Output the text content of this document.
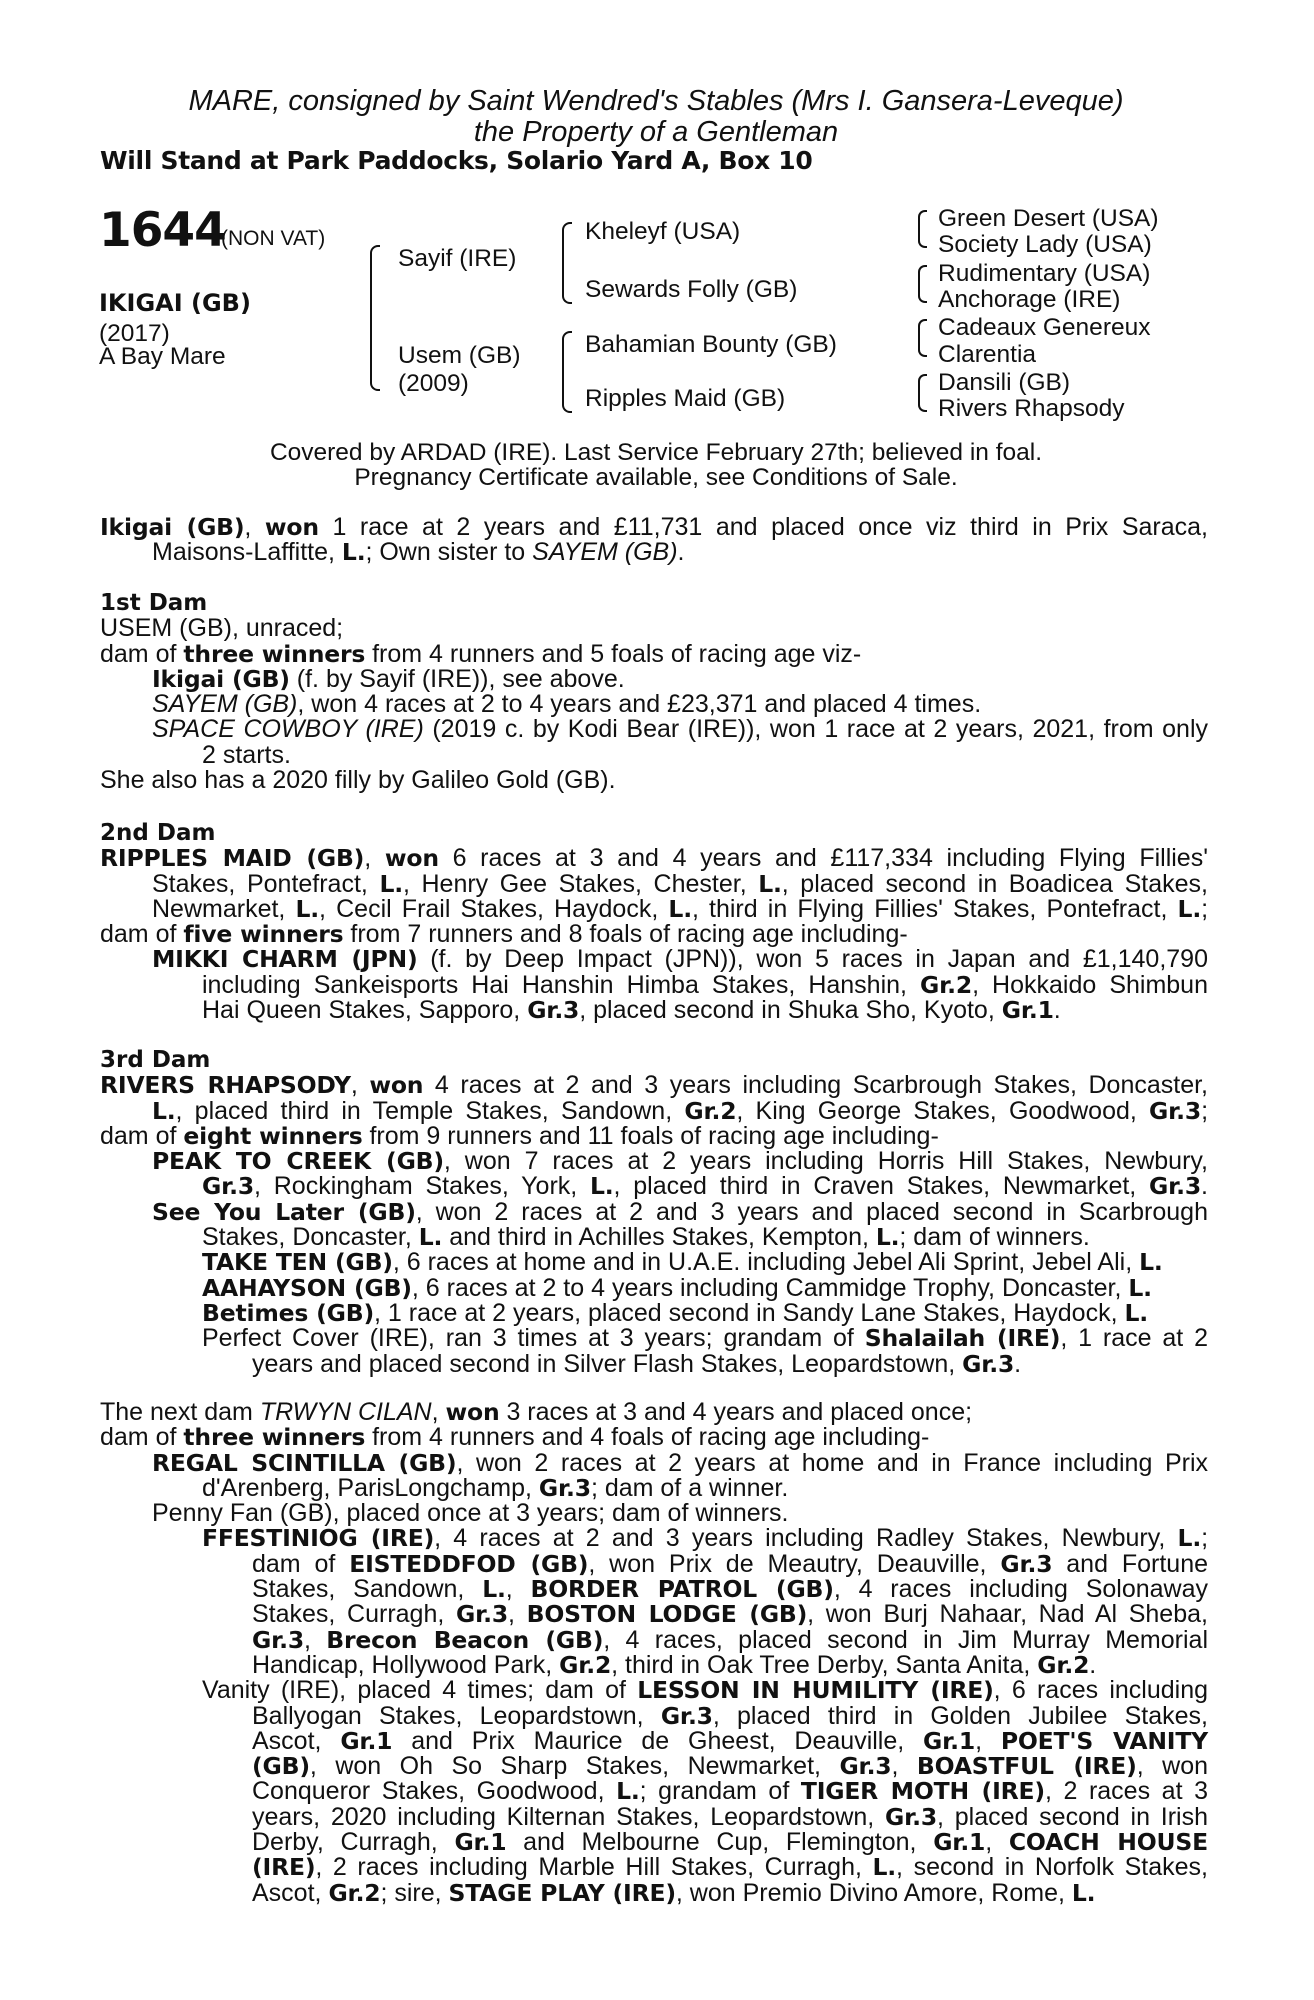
MARE, consigned by Saint Wendred's Stables (Mrs I. Gansera-Leveque)
the Property of a Gentleman
Will Stand at Park Paddocks, Solario Yard A, Box 10
1644
(NON VAT)
IKIGAI (GB)
(2017)
A Bay Mare
Sayif (IRE)
Usem (GB)
(2009)
Kheleyf (USA)
Sewards Folly (GB)
Bahamian Bounty (GB)
Ripples Maid (GB)
Green Desert (USA)
Society Lady (USA)
Rudimentary (USA)
Anchorage (IRE)
Cadeaux Genereux
Clarentia
Dansili (GB)
Rivers Rhapsody
Covered by ARDAD (IRE). Last Service February 27th; believed in foal.
Pregnancy Certificate available, see Conditions of Sale.
Ikigai (GB), won 1 race at 2 years and £11,731 and placed once viz third in Prix Saraca,
Maisons-Laffitte, L.; Own sister to SAYEM (GB).
1st Dam
USEM (GB), unraced;
dam of three winners from 4 runners and 5 foals of racing age viz-
Ikigai (GB) (f. by Sayif (IRE)), see above.
SAYEM (GB), won 4 races at 2 to 4 years and £23,371 and placed 4 times.
SPACE COWBOY (IRE) (2019 c. by Kodi Bear (IRE)), won 1 race at 2 years, 2021, from only
2 starts.
She also has a 2020 filly by Galileo Gold (GB).
2nd Dam
RIPPLES MAID (GB), won 6 races at 3 and 4 years and £117,334 including Flying Fillies'
Stakes, Pontefract, L., Henry Gee Stakes, Chester, L., placed second in Boadicea Stakes,
Newmarket, L., Cecil Frail Stakes, Haydock, L., third in Flying Fillies' Stakes, Pontefract, L.;
dam of five winners from 7 runners and 8 foals of racing age including-
MIKKI CHARM (JPN) (f. by Deep Impact (JPN)), won 5 races in Japan and £1,140,790
including Sankeisports Hai Hanshin Himba Stakes, Hanshin, Gr.2, Hokkaido Shimbun
Hai Queen Stakes, Sapporo, Gr.3, placed second in Shuka Sho, Kyoto, Gr.1.
3rd Dam
RIVERS RHAPSODY, won 4 races at 2 and 3 years including Scarbrough Stakes, Doncaster,
L., placed third in Temple Stakes, Sandown, Gr.2, King George Stakes, Goodwood, Gr.3;
dam of eight winners from 9 runners and 11 foals of racing age including-
PEAK TO CREEK (GB), won 7 races at 2 years including Horris Hill Stakes, Newbury,
Gr.3, Rockingham Stakes, York, L., placed third in Craven Stakes, Newmarket, Gr.3.
See You Later (GB), won 2 races at 2 and 3 years and placed second in Scarbrough
Stakes, Doncaster, L. and third in Achilles Stakes, Kempton, L.; dam of winners.
TAKE TEN (GB), 6 races at home and in U.A.E. including Jebel Ali Sprint, Jebel Ali, L.
AAHAYSON (GB), 6 races at 2 to 4 years including Cammidge Trophy, Doncaster, L.
Betimes (GB), 1 race at 2 years, placed second in Sandy Lane Stakes, Haydock, L.
Perfect Cover (IRE), ran 3 times at 3 years; grandam of Shalailah (IRE), 1 race at 2
years and placed second in Silver Flash Stakes, Leopardstown, Gr.3.
The next dam TRWYN CILAN, won 3 races at 3 and 4 years and placed once;
dam of three winners from 4 runners and 4 foals of racing age including-
REGAL SCINTILLA (GB), won 2 races at 2 years at home and in France including Prix
d'Arenberg, ParisLongchamp, Gr.3; dam of a winner.
Penny Fan (GB), placed once at 3 years; dam of winners.
FFESTINIOG (IRE), 4 races at 2 and 3 years including Radley Stakes, Newbury, L.;
dam of EISTEDDFOD (GB), won Prix de Meautry, Deauville, Gr.3 and Fortune
Stakes, Sandown, L., BORDER PATROL (GB), 4 races including Solonaway
Stakes, Curragh, Gr.3, BOSTON LODGE (GB), won Burj Nahaar, Nad Al Sheba,
Gr.3, Brecon Beacon (GB), 4 races, placed second in Jim Murray Memorial
Handicap, Hollywood Park, Gr.2, third in Oak Tree Derby, Santa Anita, Gr.2.
Vanity (IRE), placed 4 times; dam of LESSON IN HUMILITY (IRE), 6 races including
Ballyogan Stakes, Leopardstown, Gr.3, placed third in Golden Jubilee Stakes,
Ascot, Gr.1 and Prix Maurice de Gheest, Deauville, Gr.1, POET'S VANITY
(GB), won Oh So Sharp Stakes, Newmarket, Gr.3, BOASTFUL (IRE), won
Conqueror Stakes, Goodwood, L.; grandam of TIGER MOTH (IRE), 2 races at 3
years, 2020 including Kilternan Stakes, Leopardstown, Gr.3, placed second in Irish
Derby, Curragh, Gr.1 and Melbourne Cup, Flemington, Gr.1, COACH HOUSE
(IRE), 2 races including Marble Hill Stakes, Curragh, L., second in Norfolk Stakes,
Ascot, Gr.2; sire, STAGE PLAY (IRE), won Premio Divino Amore, Rome, L.
